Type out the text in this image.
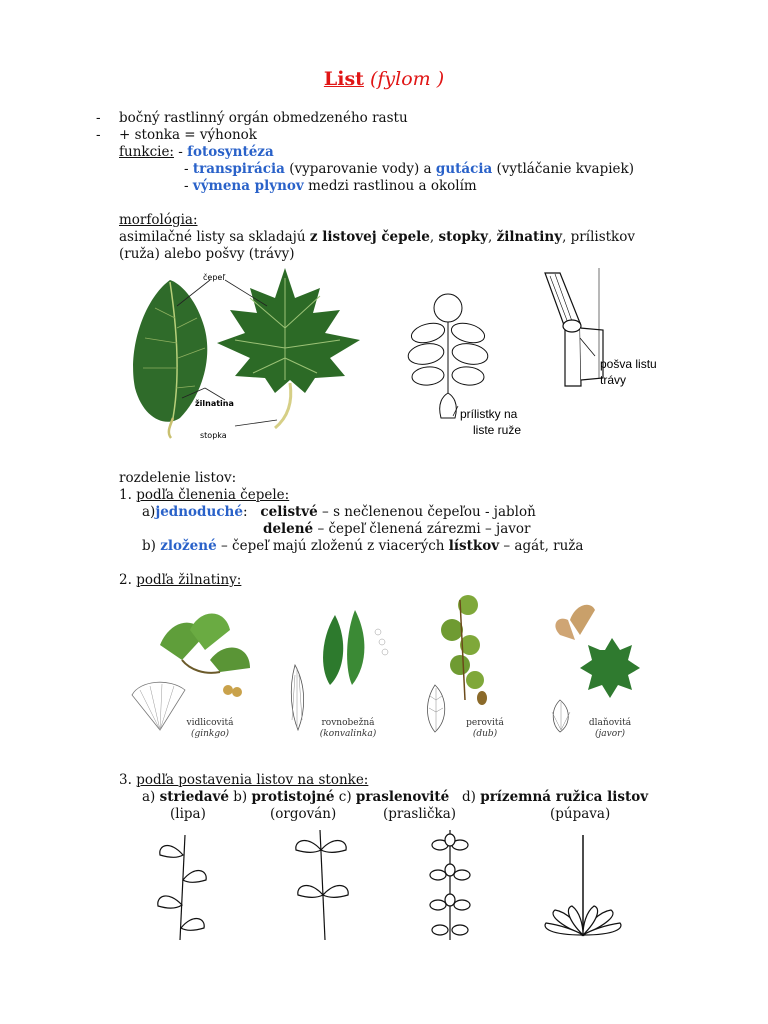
List (fylom )
- bočný rastlinný orgán obmedzeného rastu
- + stonka = výhonok
funkcie: - fotosyntéza
- transpirácia (vyparovanie vody) a gutácia (vytláčanie kvapiek)
- výmena plynov medzi rastlinou a okolím
morfológia:
asimilačné listy sa skladajú z listovej čepele, stopky, žilnatiny, prílistkov
(ruža) alebo pošvy (trávy)
čepeľ
žilnatina
stopka
prílistky na
liste ruže
pošva listu
trávy
rozdelenie listov:
1. podľa členenia čepele:
a)jednoduché:   celistvé – s nečlenenou čepeľou - jabloň
delené – čepeľ členená zárezmi – javor
b) zložené – čepeľ majú zloženú z viacerých lístkov – agát, ruža
2. podľa žilnatiny:
vidlicovitá
(ginkgo)
rovnobežná
(konvalinka)
perovitá
(dub)
dlaňovitá
(javor)
3. podľa postavenia listov na stonke:
a) striedavé b) protistojné c) praslenovité d) prízemná ružica listov
(lipa)	(orgován)	(praslička)	(púpava)
